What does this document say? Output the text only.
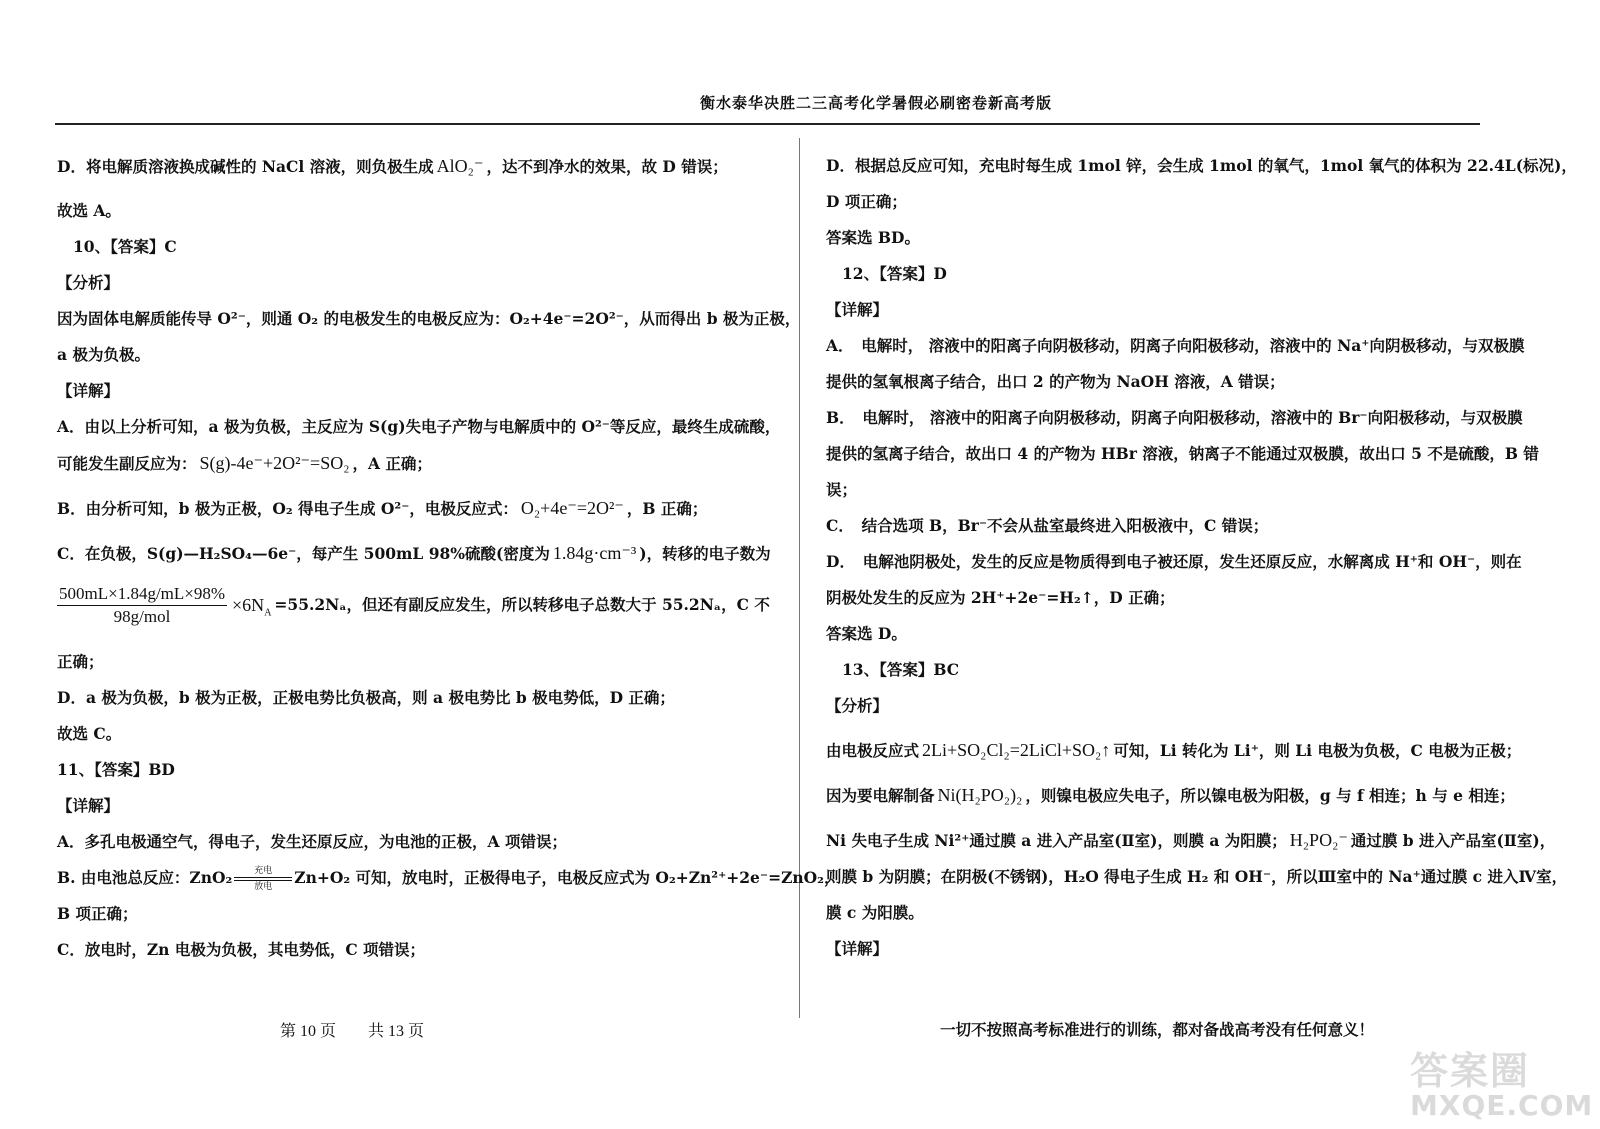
衡水泰华决胜二三高考化学暑假必刷密卷新高考版
D．将电解质溶液换成碱性的 NaCl 溶液，则负极生成 AlO₂⁻ ，达不到净水的效果，故 D 错误；
故选 A。
10、【答案】C
【分析】
因为固体电解质能传导 O²⁻，则通 O₂ 的电极发生的电极反应为：O₂+4e⁻=2O²⁻，从而得出 b 极为正极，
a 极为负极。
【详解】
A．由以上分析可知，a 极为负极，主反应为 S(g)失电子产物与电解质中的 O²⁻等反应，最终生成硫酸，
可能发生副反应为： S(g)-4e⁻+2O²⁻=SO₂ ，A 正确；
B．由分析可知，b 极为正极，O₂ 得电子生成 O²⁻，电极反应式： O₂+4e⁻=2O²⁻ ，B 正确；
C．在负极，S(g)—H₂SO₄—6e⁻，每产生 500mL 98%硫酸(密度为 1.84g·cm⁻³ )，转移的电子数为
$\frac{500mL\times 1.84g/mL\times 98\%}{\text{98g/mol}} \times 6N_A =55.2N_a$，但还有副反应发生，所以转移电子总数大于 55.2Nₐ，C 不
正确；
D．a 极为负极，b 极为正极，正极电势比负极高，则 a 极电势比 b 极电势低，D 正确；
故选 C。
11、【答案】BD
【详解】
A．多孔电极通空气，得电子，发生还原反应，为电池的正极，A 项错误；
B. 由电池总反应：ZnO₂	充电
放电	Zn+O₂ 可知，放电时，正极得电子，电极反应式为 O₂+Zn²⁺+2e⁻=ZnO₂，
B 项正确；
C．放电时，Zn 电极为负极，其电势低，C 项错误；
D．根据总反应可知，充电时每生成 1mol 锌，会生成 1mol 的氧气，1mol 氧气的体积为 22.4L(标况)，
D 项正确；
答案选 BD。
12、【答案】D
【详解】
A．　电解时， 溶液中的阳离子向阴极移动，阴离子向阳极移动，溶液中的 Na⁺向阴极移动，与双极膜
提供的氢氧根离子结合，出口 2 的产物为 NaOH 溶液，A 错误；
B．　电解时， 溶液中的阳离子向阴极移动，阴离子向阳极移动，溶液中的 Br⁻向阳极移动，与双极膜
提供的氢离子结合，故出口 4 的产物为 HBr 溶液，钠离子不能通过双极膜，故出口 5 不是硫酸，B 错
误；
C．　结合选项 B，Br⁻不会从盐室最终进入阳极液中，C 错误；
D．　电解池阴极处，发生的反应是物质得到电子被还原，发生还原反应，水解离成 H⁺和 OH⁻，则在
阴极处发生的反应为 2H⁺+2e⁻=H₂↑，D 正确；
答案选 D。
13、【答案】BC
【分析】
由电极反应式 2Li+SO₂Cl₂=2LiCl+SO₂↑ 可知，Li 转化为 Li⁺，则 Li 电极为负极，C 电极为正极；
因为要电解制备 Ni(H₂PO₂)₂ ，则镍电极应失电子，所以镍电极为阳极，g 与 f 相连；h 与 e 相连；
Ni 失电子生成 Ni²⁺通过膜 a 进入产品室(Ⅱ室)，则膜 a 为阳膜； H₂PO₂⁻ 通过膜 b 进入产品室(Ⅱ室)，
则膜 b 为阴膜；在阴极(不锈钢)，H₂O 得电子生成 H₂ 和 OH⁻，所以Ⅲ室中的 Na⁺通过膜 c 进入Ⅳ室，
膜 c 为阳膜。
【详解】
第 10 页　　共 13 页	一切不按照高考标准进行的训练，都对备战高考没有任何意义！
答案圈
MXQE.COM
